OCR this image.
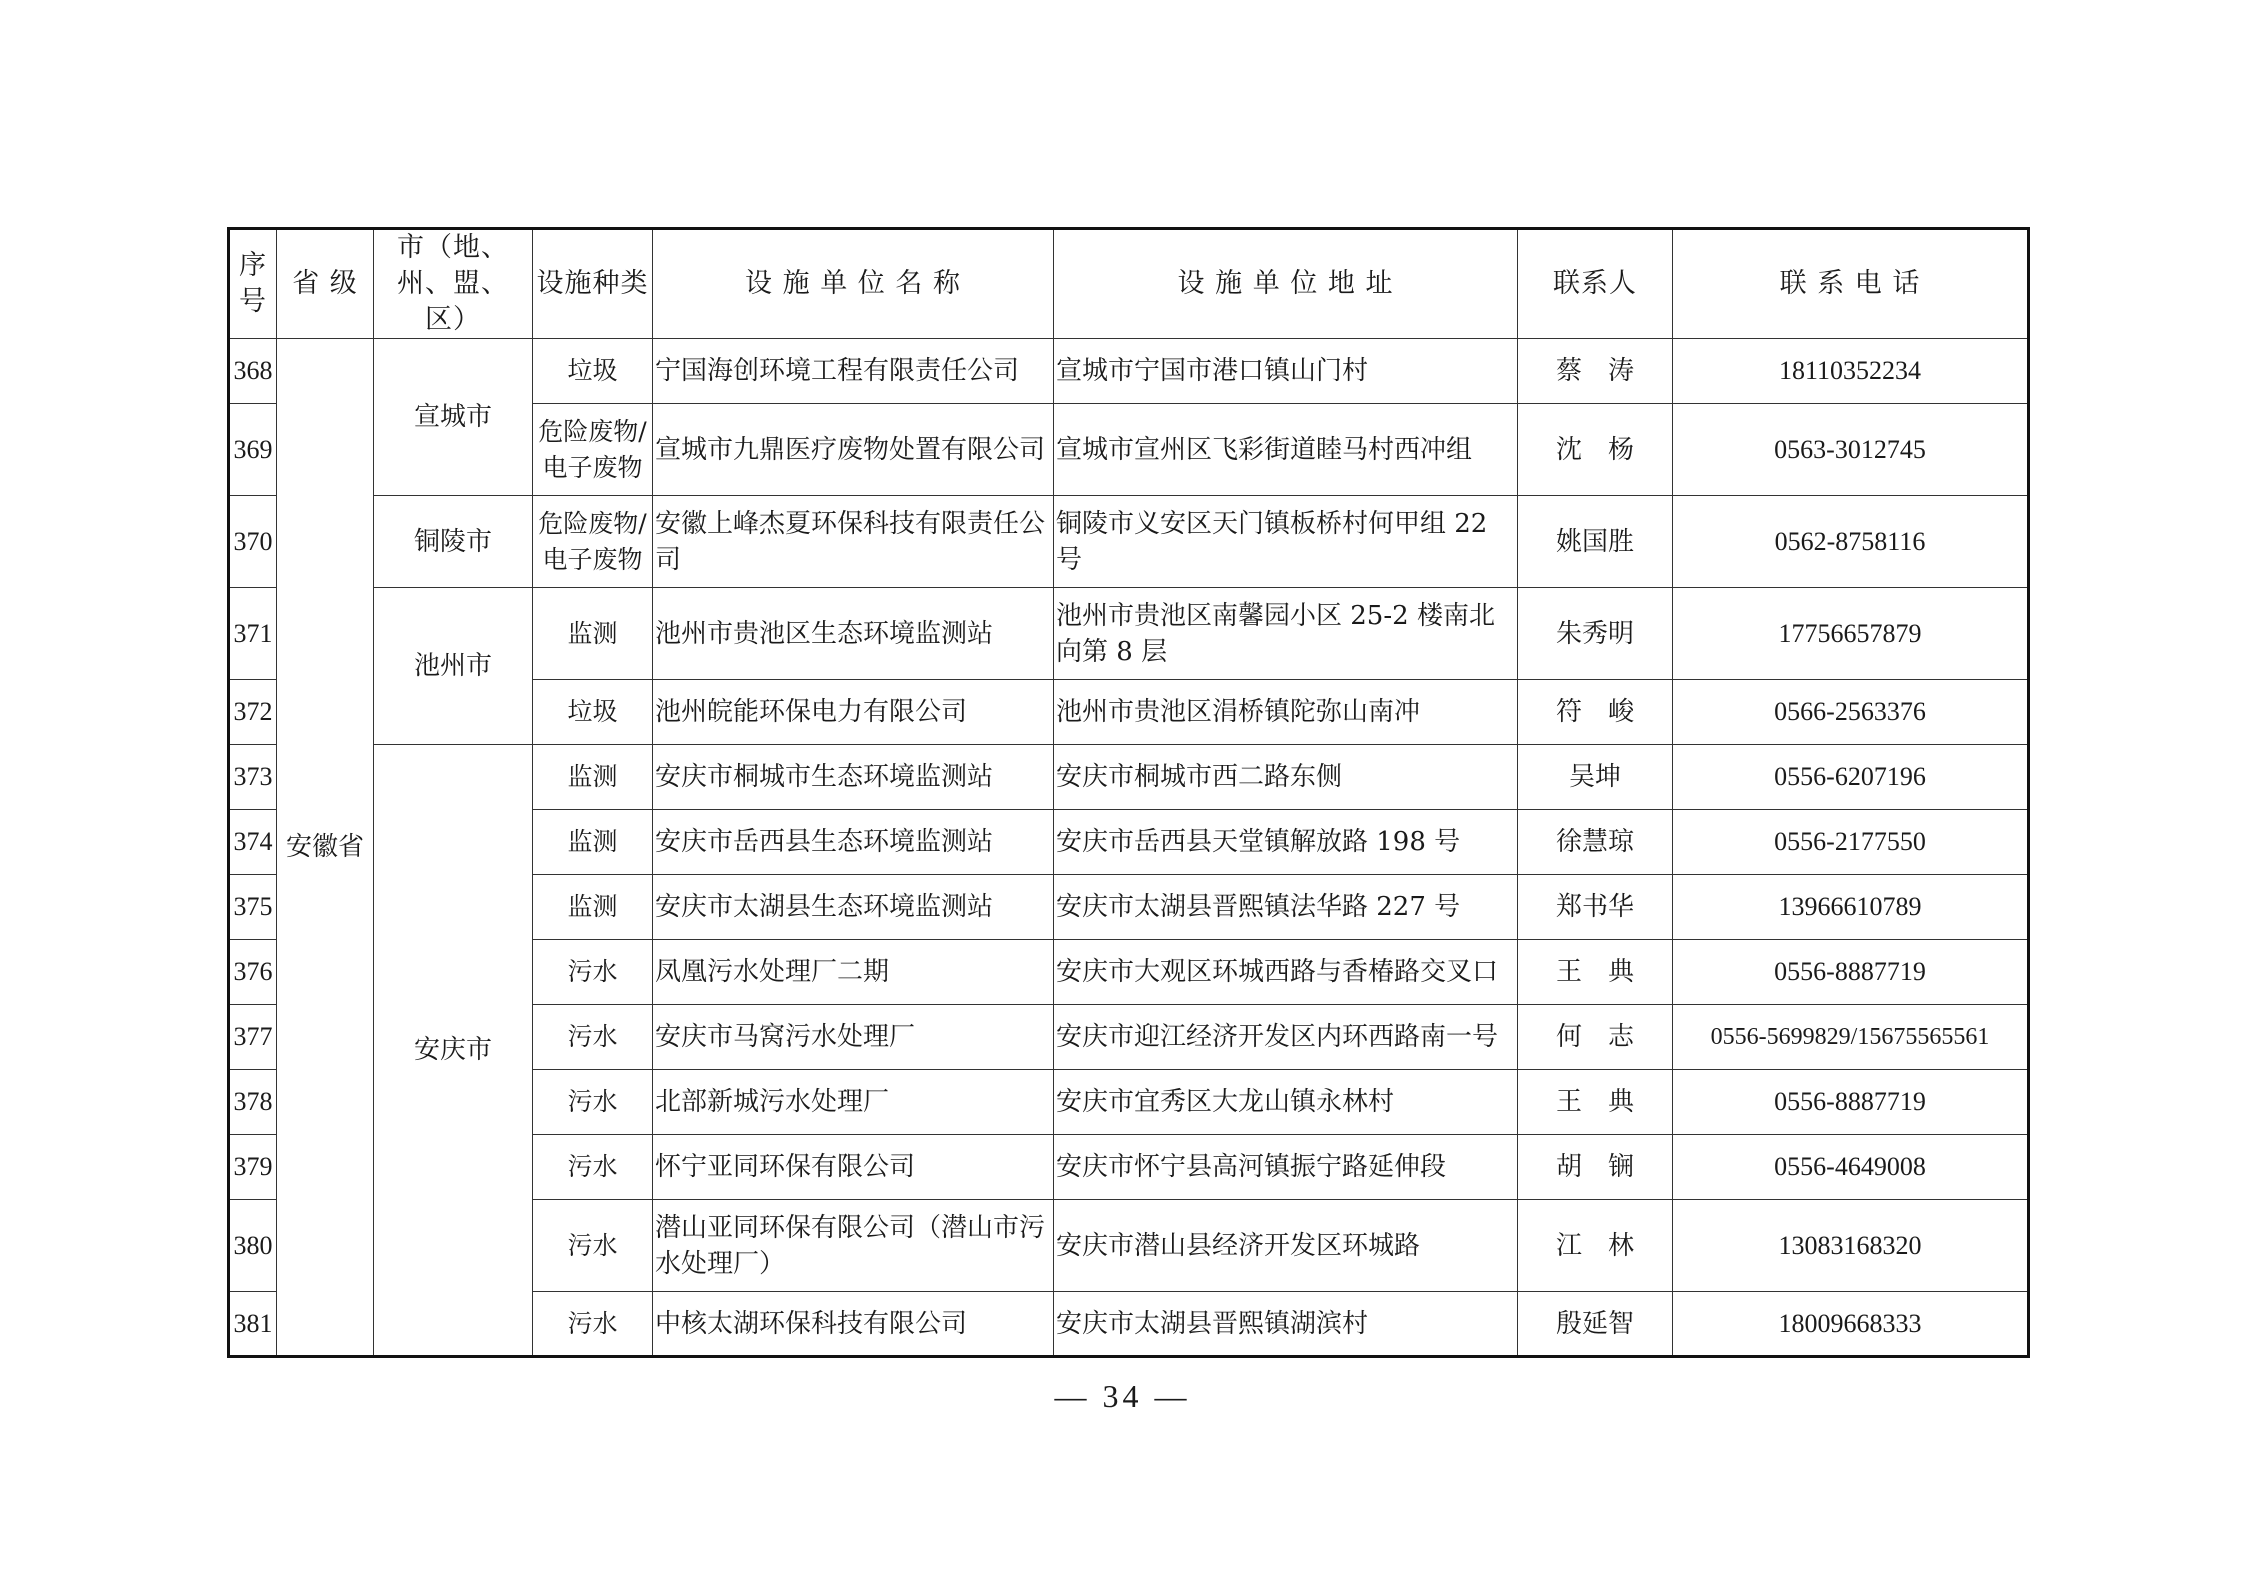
序号	省 级	市（地、州、盟、区）	设施种类	设 施 单 位 名 称	设 施 单 位 地 址	联系人	联 系 电 话
368	安徽省	宣城市	垃圾	宁国海创环境工程有限责任公司	宣城市宁国市港口镇山门村	蔡　涛	18110352234
369			危险废物/电子废物	宣城市九鼎医疗废物处置有限公司	宣城市宣州区飞彩街道睦马村西冲组	沈　杨	0563-3012745
370		铜陵市	危险废物/电子废物	安徽上峰杰夏环保科技有限责任公司	铜陵市义安区天门镇板桥村何甲组 22 号	姚国胜	0562-8758116
371		池州市	监测	池州市贵池区生态环境监测站	池州市贵池区南馨园小区 25-2 楼南北向第 8 层	朱秀明	17756657879
372			垃圾	池州皖能环保电力有限公司	池州市贵池区涓桥镇陀弥山南冲	符　峻	0566-2563376
373		安庆市	监测	安庆市桐城市生态环境监测站	安庆市桐城市西二路东侧	吴坤	0556-6207196
374			监测	安庆市岳西县生态环境监测站	安庆市岳西县天堂镇解放路 198 号	徐慧琼	0556-2177550
375			监测	安庆市太湖县生态环境监测站	安庆市太湖县晋熙镇法华路 227 号	郑书华	13966610789
376			污水	凤凰污水处理厂二期	安庆市大观区环城西路与香椿路交叉口	王　典	0556-8887719
377			污水	安庆市马窝污水处理厂	安庆市迎江经济开发区内环西路南一号	何　志	0556-5699829/15675565561
378			污水	北部新城污水处理厂	安庆市宜秀区大龙山镇永林村	王　典	0556-8887719
379			污水	怀宁亚同环保有限公司	安庆市怀宁县高河镇振宁路延伸段	胡　锎	0556-4649008
380			污水	潜山亚同环保有限公司（潜山市污水处理厂）	安庆市潜山县经济开发区环城路	江　林	13083168320
381			污水	中核太湖环保科技有限公司	安庆市太湖县晋熙镇湖滨村	殷延智	18009668333
— 34 —
